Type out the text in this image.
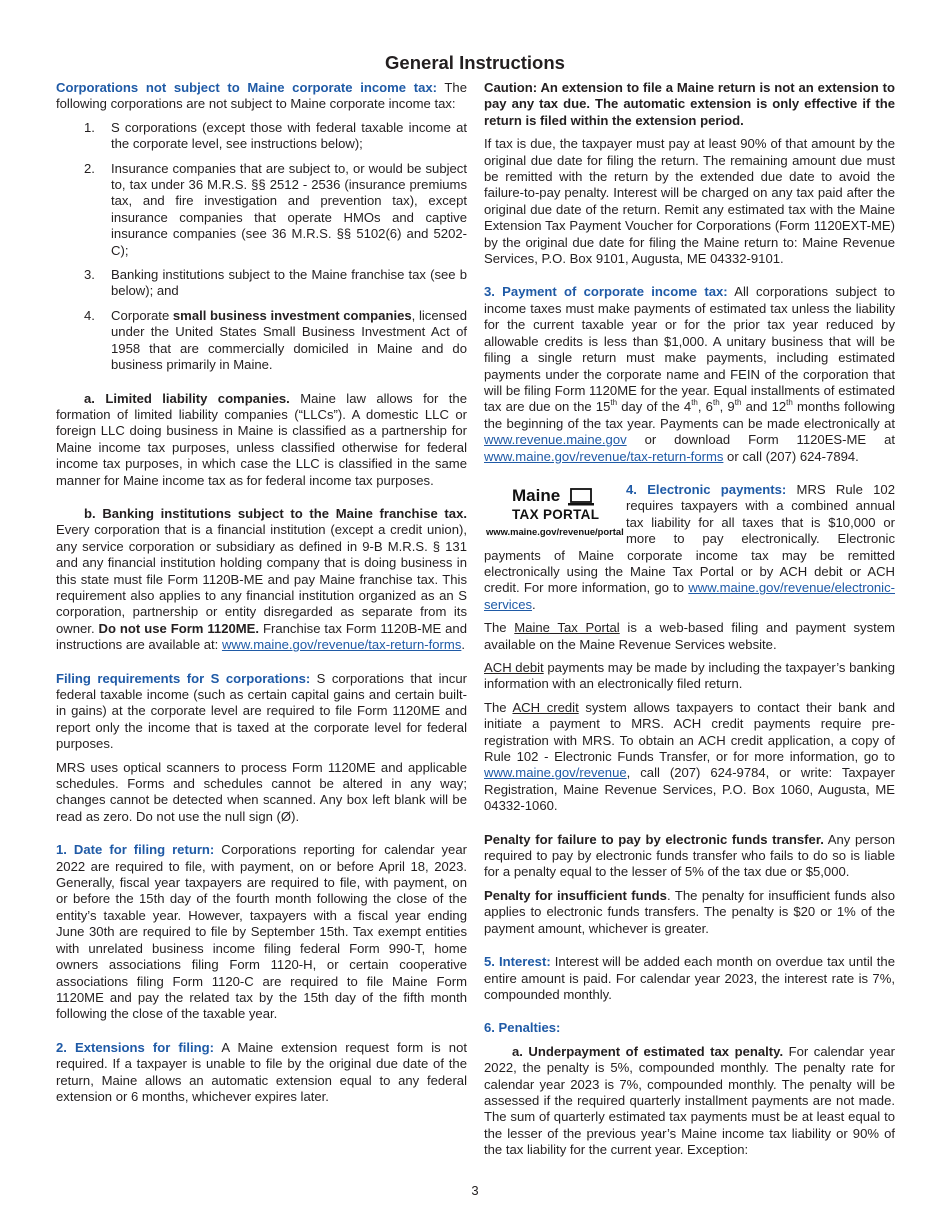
General Instructions

Corporations not subject to Maine corporate income tax: The following corporations are not subject to Maine corporate income tax:

1. S corporations (except those with federal taxable income at the corporate level, see instructions below);
2. Insurance companies that are subject to, or would be subject to, tax under 36 M.R.S. §§ 2512 - 2536 (insurance premiums tax, and fire investigation and prevention tax), except insurance companies that operate HMOs and captive insurance companies (see 36 M.R.S. §§ 5102(6) and 5202-C);
3. Banking institutions subject to the Maine franchise tax (see b below); and
4. Corporate small business investment companies, licensed under the United States Small Business Investment Act of 1958 that are commercially domiciled in Maine and do business primarily in Maine.

a. Limited liability companies. Maine law allows for the formation of limited liability companies (“LLCs”). A domestic LLC or foreign LLC doing business in Maine is classified as a partnership for Maine income tax purposes, unless classified otherwise for federal income tax purposes, in which case the LLC is classified in the same manner for Maine income tax as for federal income tax purposes.

b. Banking institutions subject to the Maine franchise tax. Every corporation that is a financial institution (except a credit union), any service corporation or subsidiary as defined in 9-B M.R.S. § 131 and any financial institution holding company that is doing business in this state must file Form 1120B-ME and pay Maine franchise tax. This requirement also applies to any financial institution organized as an S corporation, partnership or entity disregarded as separate from its owner. Do not use Form 1120ME. Franchise tax Form 1120B-ME and instructions are available at: www.maine.gov/revenue/tax-return-forms.

Filing requirements for S corporations: S corporations that incur federal taxable income (such as certain capital gains and certain built-in gains) at the corporate level are required to file Form 1120ME and report only the income that is taxed at the corporate level for federal purposes.

MRS uses optical scanners to process Form 1120ME and applicable schedules. Forms and schedules cannot be altered in any way; changes cannot be detected when scanned. Any box left blank will be read as zero. Do not use the null sign (Ø).

1. Date for filing return: Corporations reporting for calendar year 2022 are required to file, with payment, on or before April 18, 2023. Generally, fiscal year taxpayers are required to file, with payment, on or before the 15th day of the fourth month following the close of the entity’s taxable year. However, taxpayers with a fiscal year ending June 30th are required to file by September 15th. Tax exempt entities with unrelated business income filing federal Form 990-T, home owners associations filing Form 1120-H, or certain cooperative associations filing Form 1120-C are required to file Maine Form 1120ME and pay the related tax by the 15th day of the fifth month following the close of the taxable year.

2. Extensions for filing: A Maine extension request form is not required. If a taxpayer is unable to file by the original due date of the return, Maine allows an automatic extension equal to any federal extension or 6 months, whichever expires later.

Caution: An extension to file a Maine return is not an extension to pay any tax due. The automatic extension is only effective if the return is filed within the extension period.

If tax is due, the taxpayer must pay at least 90% of that amount by the original due date for filing the return. The remaining amount due must be remitted with the return by the extended due date to avoid the failure-to-pay penalty. Interest will be charged on any tax paid after the original due date of the return. Remit any estimated tax with the Maine Extension Tax Payment Voucher for Corporations (Form 1120EXT-ME) by the original due date for filing the Maine return to: Maine Revenue Services, P.O. Box 9101, Augusta, ME 04332-9101.

3. Payment of corporate income tax: All corporations subject to income taxes must make payments of estimated tax unless the liability for the current taxable year or for the prior tax year reduced by allowable credits is less than $1,000. A unitary business that will be filing a single return must make payments, including estimated payments under the corporate name and FEIN of the corporation that will be filing Form 1120ME for the year. Equal installments of estimated tax are due on the 15th day of the 4th, 6th, 9th and 12th months following the beginning of the tax year. Payments can be made electronically at www.revenue.maine.gov or download Form 1120ES-ME at www.maine.gov/revenue/tax-return-forms or call (207) 624-7894.

Maine
TAX PORTAL
www.maine.gov/revenue/portal
4. Electronic payments: MRS Rule 102 requires taxpayers with a combined annual tax liability for all taxes that is $10,000 or more to pay electronically. Electronic payments of Maine corporate income tax may be remitted electronically using the Maine Tax Portal or by ACH debit or ACH credit. For more information, go to www.maine.gov/revenue/electronic-services.

The Maine Tax Portal is a web-based filing and payment system available on the Maine Revenue Services website.

ACH debit payments may be made by including the taxpayer’s banking information with an electronically filed return.

The ACH credit system allows taxpayers to contact their bank and initiate a payment to MRS. ACH credit payments require pre-registration with MRS. To obtain an ACH credit application, a copy of Rule 102 - Electronic Funds Transfer, or for more information, go to www.maine.gov/revenue, call (207) 624-9784, or write: Taxpayer Registration, Maine Revenue Services, P.O. Box 1060, Augusta, ME 04332-1060.

Penalty for failure to pay by electronic funds transfer. Any person required to pay by electronic funds transfer who fails to do so is liable for a penalty equal to the lesser of 5% of the tax due or $5,000.

Penalty for insufficient funds. The penalty for insufficient funds also applies to electronic funds transfers. The penalty is $20 or 1% of the payment amount, whichever is greater.

5. Interest: Interest will be added each month on overdue tax until the entire amount is paid. For calendar year 2023, the interest rate is 7%, compounded monthly.

6. Penalties:

a. Underpayment of estimated tax penalty. For calendar year 2022, the penalty is 5%, compounded monthly. The penalty rate for calendar year 2023 is 7%, compounded monthly. The penalty will be assessed if the required quarterly installment payments are not made. The sum of quarterly estimated tax payments must be at least equal to the lesser of the previous year’s Maine income tax liability or 90% of the tax liability for the current year. Exception:

3
